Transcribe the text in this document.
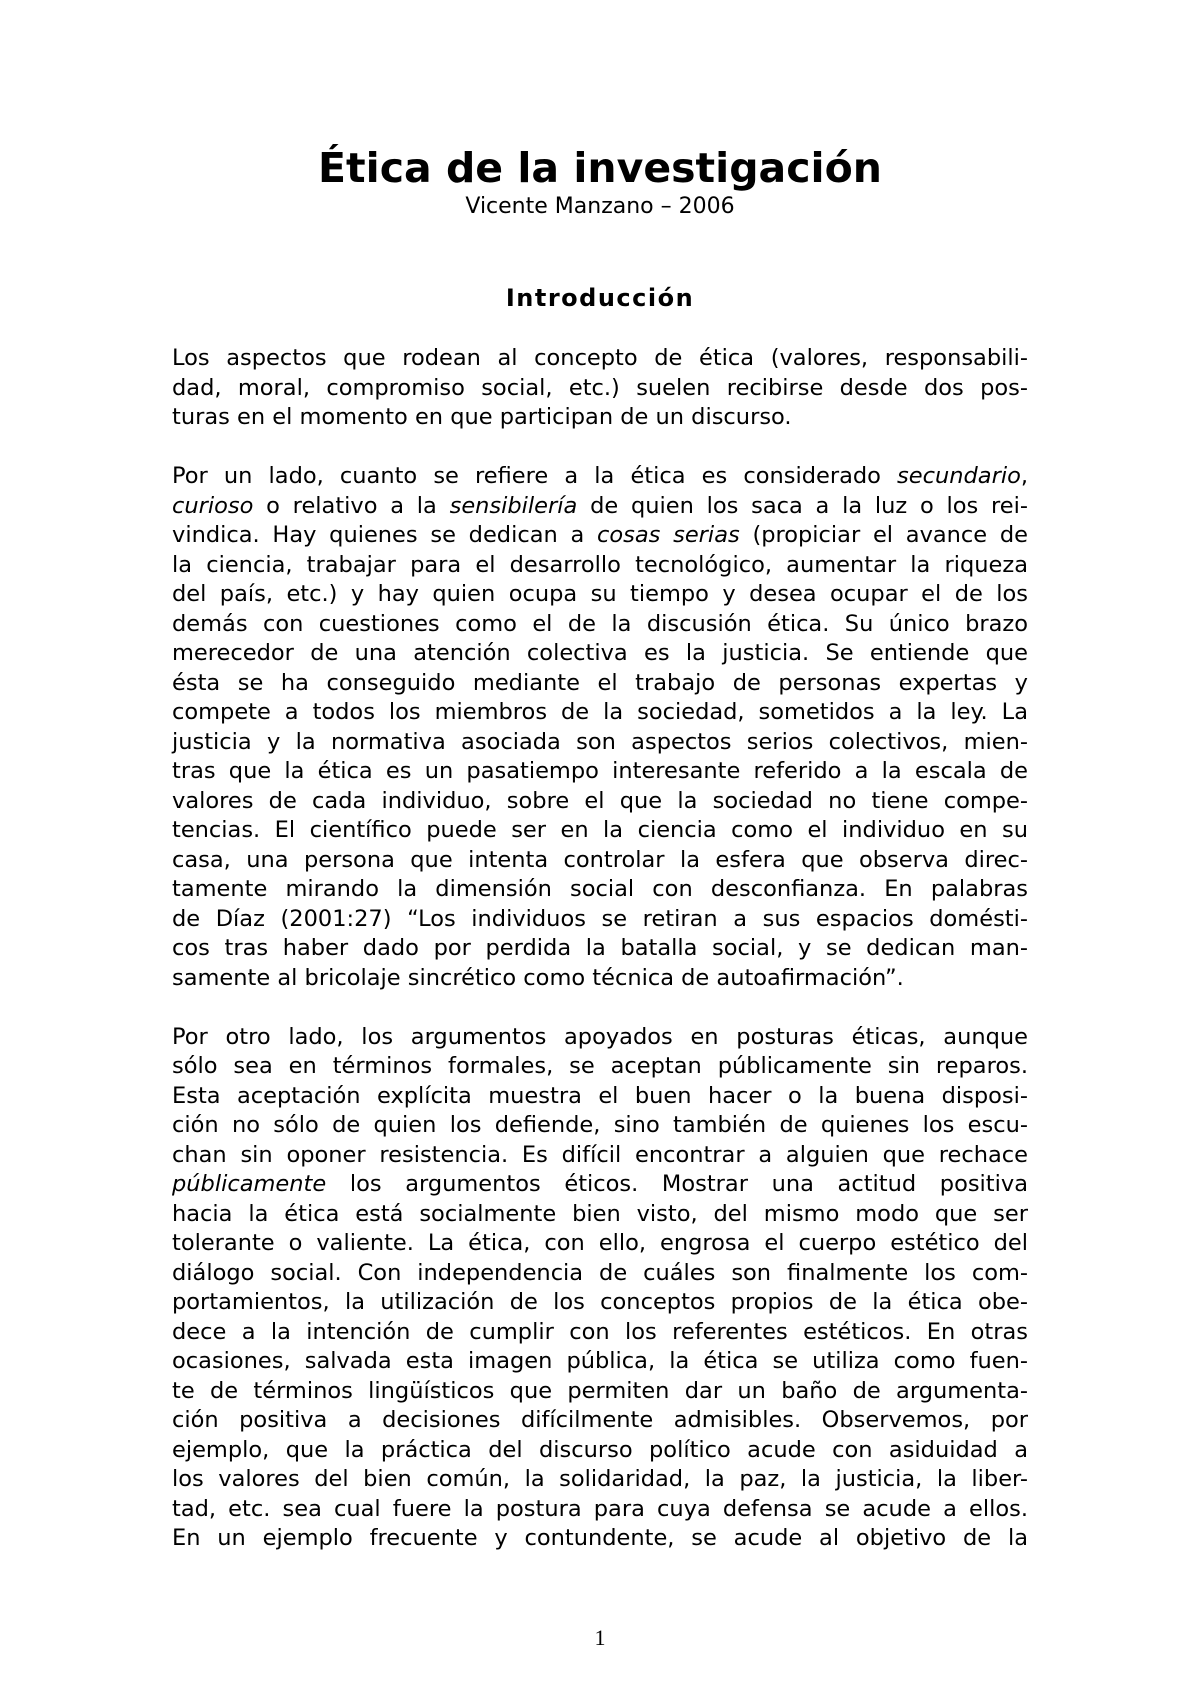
Ética de la investigación
Vicente Manzano – 2006
Introducción
Los aspectos que rodean al concepto de ética (valores, responsabili-
dad, moral, compromiso social, etc.) suelen recibirse desde dos pos-
turas en el momento en que participan de un discurso.
Por un lado, cuanto se refiere a la ética es considerado secundario,
curioso o relativo a la sensibilería de quien los saca a la luz o los rei-
vindica. Hay quienes se dedican a cosas serias (propiciar el avance de
la ciencia, trabajar para el desarrollo tecnológico, aumentar la riqueza
del país, etc.) y hay quien ocupa su tiempo y desea ocupar el de los
demás con cuestiones como el de la discusión ética. Su único brazo
merecedor de una atención colectiva es la justicia. Se entiende que
ésta se ha conseguido mediante el trabajo de personas expertas y
compete a todos los miembros de la sociedad, sometidos a la ley. La
justicia y la normativa asociada son aspectos serios colectivos, mien-
tras que la ética es un pasatiempo interesante referido a la escala de
valores de cada individuo, sobre el que la sociedad no tiene compe-
tencias. El científico puede ser en la ciencia como el individuo en su
casa, una persona que intenta controlar la esfera que observa direc-
tamente mirando la dimensión social con desconfianza. En palabras
de Díaz (2001:27) “Los individuos se retiran a sus espacios domésti-
cos tras haber dado por perdida la batalla social, y se dedican man-
samente al bricolaje sincrético como técnica de autoafirmación”.
Por otro lado, los argumentos apoyados en posturas éticas, aunque
sólo sea en términos formales, se aceptan públicamente sin reparos.
Esta aceptación explícita muestra el buen hacer o la buena disposi-
ción no sólo de quien los defiende, sino también de quienes los escu-
chan sin oponer resistencia. Es difícil encontrar a alguien que rechace
públicamente los argumentos éticos. Mostrar una actitud positiva
hacia la ética está socialmente bien visto, del mismo modo que ser
tolerante o valiente. La ética, con ello, engrosa el cuerpo estético del
diálogo social. Con independencia de cuáles son finalmente los com-
portamientos, la utilización de los conceptos propios de la ética obe-
dece a la intención de cumplir con los referentes estéticos. En otras
ocasiones, salvada esta imagen pública, la ética se utiliza como fuen-
te de términos lingüísticos que permiten dar un baño de argumenta-
ción positiva a decisiones difícilmente admisibles. Observemos, por
ejemplo, que la práctica del discurso político acude con asiduidad a
los valores del bien común, la solidaridad, la paz, la justicia, la liber-
tad, etc. sea cual fuere la postura para cuya defensa se acude a ellos.
En un ejemplo frecuente y contundente, se acude al objetivo de la
1
